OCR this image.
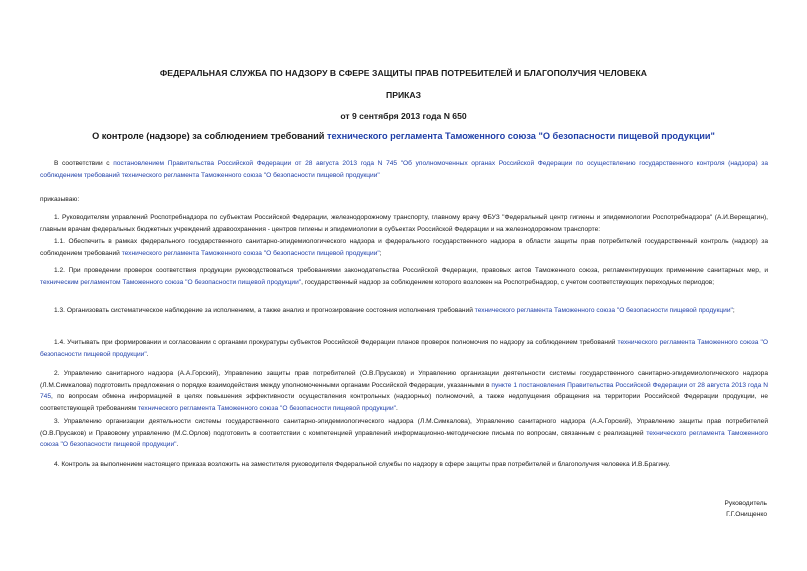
ФЕДЕРАЛЬНАЯ СЛУЖБА ПО НАДЗОРУ В СФЕРЕ ЗАЩИТЫ ПРАВ ПОТРЕБИТЕЛЕЙ И БЛАГОПОЛУЧИЯ ЧЕЛОВЕКА
ПРИКАЗ
от 9 сентября 2013 года N 650
О контроле (надзоре) за соблюдением требований технического регламента Таможенного союза "О безопасности пищевой продукции"
В соответствии с постановлением Правительства Российской Федерации от 28 августа 2013 года N 745 "Об уполномоченных органах Российской Федерации по осуществлению государственного контроля (надзора) за соблюдением требований технического регламента Таможенного союза "О безопасности пищевой продукции"
приказываю:
1. Руководителям управлений Роспотребнадзора по субъектам Российской Федерации, железнодорожному транспорту, главному врачу ФБУЗ "Федеральный центр гигиены и эпидемиологии Роспотребнадзора" (А.И.Верещагин), главным врачам федеральных бюджетных учреждений здравоохранения - центров гигиены и эпидемиологии в субъектах Российской Федерации и на железнодорожном транспорте:
1.1. Обеспечить в рамках федерального государственного санитарно-эпидемиологического надзора и федерального государственного надзора в области защиты прав потребителей государственный контроль (надзор) за соблюдением требований технического регламента Таможенного союза "О безопасности пищевой продукции";
1.2. При проведении проверок соответствия продукции руководствоваться требованиями законодательства Российской Федерации, правовых актов Таможенного союза, регламентирующих применение санитарных мер, и техническим регламентом Таможенного союза "О безопасности пищевой продукции", государственный надзор за соблюдением которого возложен на Роспотребнадзор, с учетом соответствующих переходных периодов;
1.3. Организовать систематическое наблюдение за исполнением, а также анализ и прогнозирование состояния исполнения требований технического регламента Таможенного союза "О безопасности пищевой продукции";
1.4. Учитывать при формировании и согласовании с органами прокуратуры субъектов Российской Федерации планов проверок полномочия по надзору за соблюдением требований технического регламента Таможенного союза "О безопасности пищевой продукции".
2. Управлению санитарного надзора (А.А.Горский), Управлению защиты прав потребителей (О.В.Прусаков) и Управлению организации деятельности системы государственного санитарно-эпидемиологического надзора (Л.М.Симкалова) подготовить предложения о порядке взаимодействия между уполномоченными органами Российской Федерации, указанными в пункте 1 постановления Правительства Российской Федерации от 28 августа 2013 года N 745, по вопросам обмена информацией в целях повышения эффективности осуществления контрольных (надзорных) полномочий, а также недопущения обращения на территории Российской Федерации продукции, не соответствующей требованиям технического регламента Таможенного союза "О безопасности пищевой продукции".
3. Управлению организации деятельности системы государственного санитарно-эпидемиологического надзора (Л.М.Симкалова), Управлению санитарного надзора (А.А.Горский), Управлению защиты прав потребителей (О.В.Прусаков) и Правовому управлению (М.С.Орлов) подготовить в соответствии с компетенцией управлений информационно-методические письма по вопросам, связанным с реализацией технического регламента Таможенного союза "О безопасности пищевой продукции".
4. Контроль за выполнением настоящего приказа возложить на заместителя руководителя Федеральной службы по надзору в сфере защиты прав потребителей и благополучия человека И.В.Брагину.
Руководитель
Г.Г.Онищенко
